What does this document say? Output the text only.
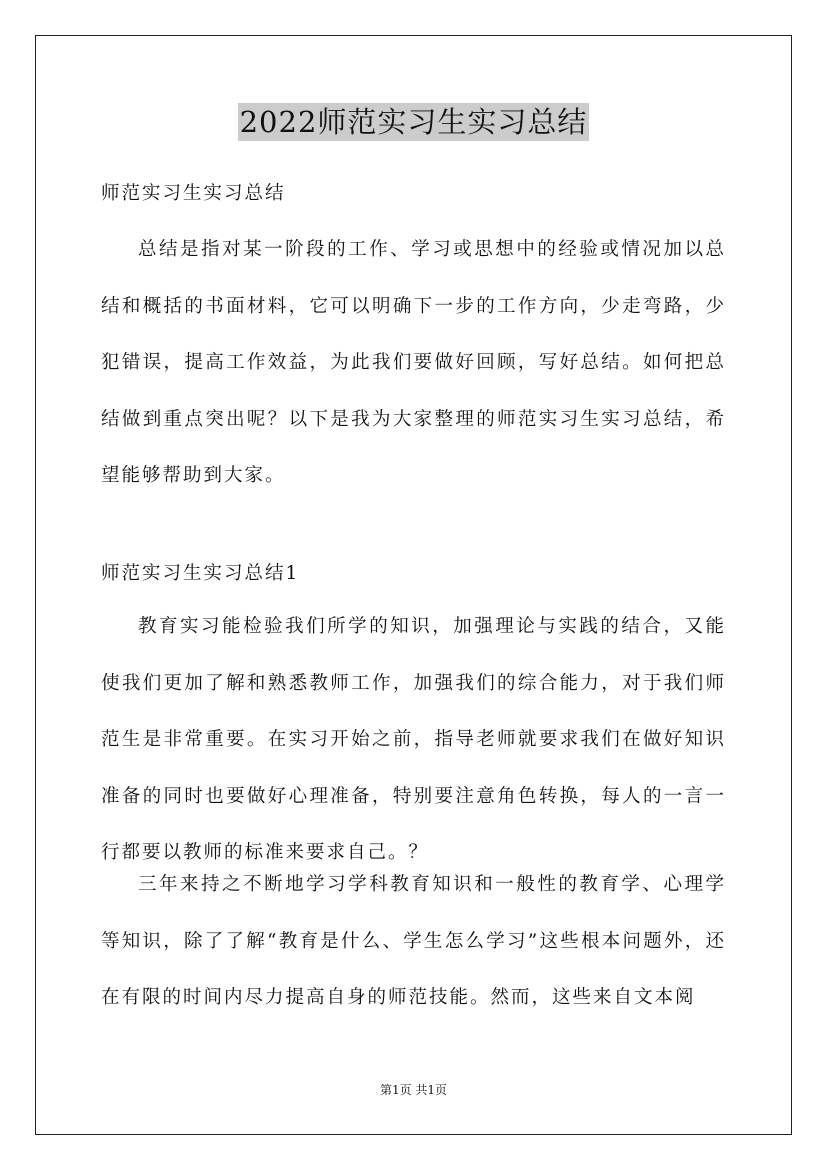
2022师范实习生实习总结
师范实习生实习总结

总结是指对某一阶段的工作、学习或思想中的经验或情况加以总结和概括的书面材料，它可以明确下一步的工作方向，少走弯路，少犯错误，提高工作效益，为此我们要做好回顾，写好总结。如何把总结做到重点突出呢？以下是我为大家整理的师范实习生实习总结，希望能够帮助到大家。

师范实习生实习总结1

教育实习能检验我们所学的知识，加强理论与实践的结合，又能使我们更加了解和熟悉教师工作，加强我们的综合能力，对于我们师范生是非常重要。在实习开始之前，指导老师就要求我们在做好知识准备的同时也要做好心理准备，特别要注意角色转换，每人的一言一行都要以教师的标准来要求自己。？

三年来持之不断地学习学科教育知识和一般性的教育学、心理学等知识，除了了解“教育是什么、学生怎么学习”这些根本问题外，还在有限的时间内尽力提高自身的师范技能。然而，这些来自文本阅

第1页 共1页
